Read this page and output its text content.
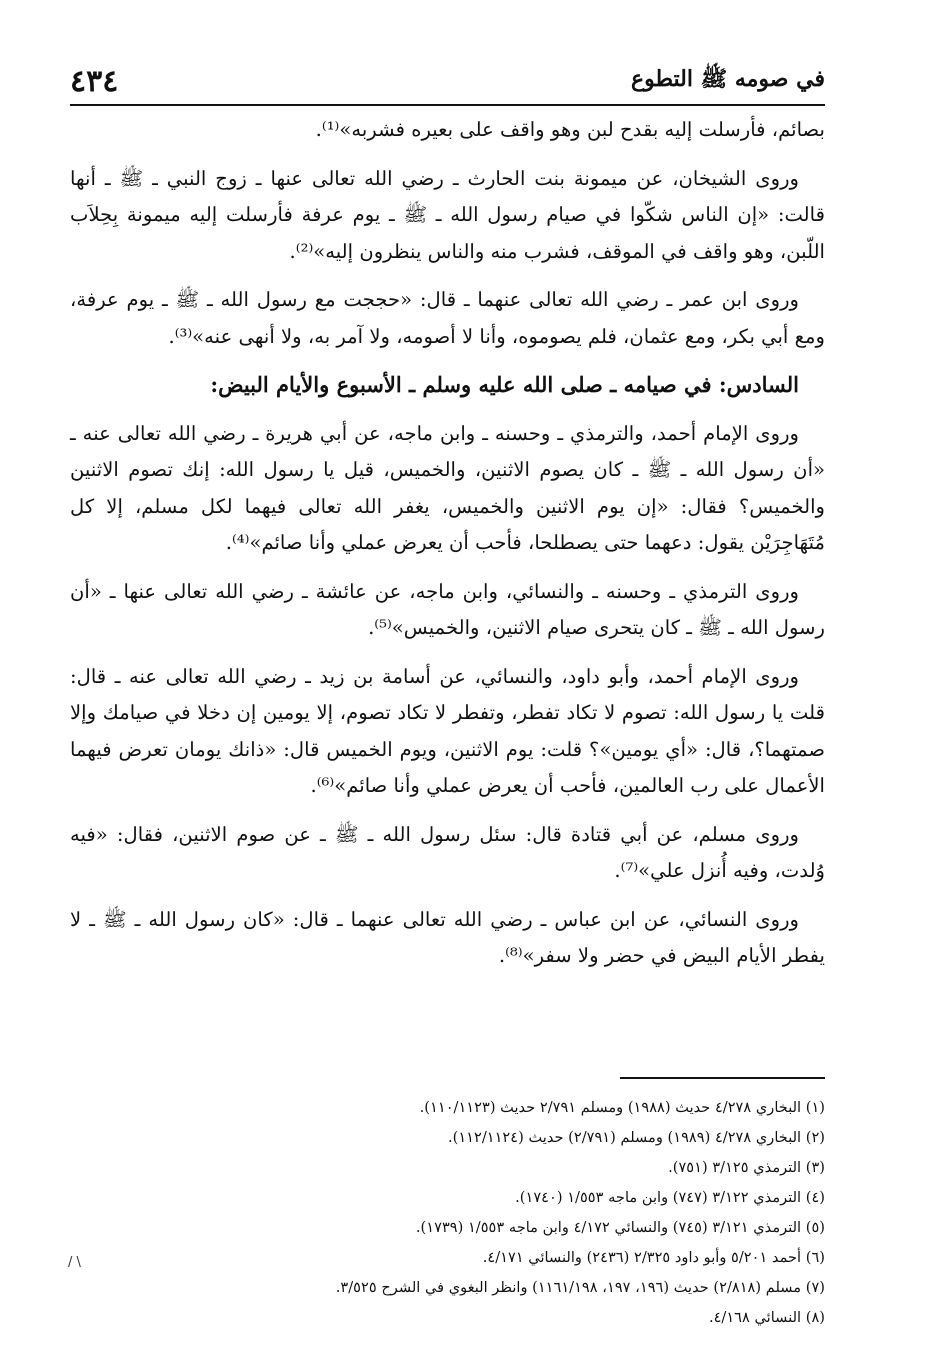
في صومه ﷺ التطوع
٤٣٤

بصائم، فأرسلت إليه بقدح لبن وهو واقف على بعيره فشربه»⁽¹⁾.

وروى الشيخان، عن ميمونة بنت الحارث ـ رضي الله تعالى عنها ـ زوج النبي ـ ﷺ ـ أنها قالت: «إن الناس شكّوا في صيام رسول الله ـ ﷺ ـ يوم عرفة فأرسلت إليه ميمونة بِحِلاَب اللّبن، وهو واقف في الموقف، فشرب منه والناس ينظرون إليه»⁽²⁾.

وروى ابن عمر ـ رضي الله تعالى عنهما ـ قال: «حججت مع رسول الله ـ ﷺ ـ يوم عرفة، ومع أبي بكر، ومع عثمان، فلم يصوموه، وأنا لا أصومه، ولا آمر به، ولا أنهى عنه»⁽³⁾.

السادس: في صيامه ـ صلى الله عليه وسلم ـ الأسبوع والأيام البيض:

وروى الإمام أحمد، والترمذي ـ وحسنه ـ وابن ماجه، عن أبي هريرة ـ رضي الله تعالى عنه ـ «أن رسول الله ـ ﷺ ـ كان يصوم الاثنين، والخميس، قيل يا رسول الله: إنك تصوم الاثنين والخميس؟ فقال: «إن يوم الاثنين والخميس، يغفر الله تعالى فيهما لكل مسلم، إلا كل مُتَهَاجِرَيْن يقول: دعهما حتى يصطلحا، فأحب أن يعرض عملي وأنا صائم»⁽⁴⁾.

وروى الترمذي ـ وحسنه ـ والنسائي، وابن ماجه، عن عائشة ـ رضي الله تعالى عنها ـ «أن رسول الله ـ ﷺ ـ كان يتحرى صيام الاثنين، والخميس»⁽⁵⁾.

وروى الإمام أحمد، وأبو داود، والنسائي، عن أسامة بن زيد ـ رضي الله تعالى عنه ـ قال: قلت يا رسول الله: تصوم لا تكاد تفطر، وتفطر لا تكاد تصوم، إلا يومين إن دخلا في صيامك وإلا صمتهما؟، قال: «أي يومين»؟ قلت: يوم الاثنين، ويوم الخميس قال: «ذانك يومان تعرض فيهما الأعمال على رب العالمين، فأحب أن يعرض عملي وأنا صائم»⁽⁶⁾.

وروى مسلم، عن أبي قتادة قال: سئل رسول الله ـ ﷺ ـ عن صوم الاثنين، فقال: «فيه وُلدت، وفيه أُنزل علي»⁽⁷⁾.

وروى النسائي، عن ابن عباس ـ رضي الله تعالى عنهما ـ قال: «كان رسول الله ـ ﷺ ـ لا يفطر الأيام البيض في حضر ولا سفر»⁽⁸⁾.

(١) البخاري ٤/٢٧٨ حديث (١٩٨٨) ومسلم ٢/٧٩١ حديث (١١٠/١١٢٣).

(٢) البخاري ٤/٢٧٨ (١٩٨٩) ومسلم (٢/٧٩١) حديث (١١٢/١١٢٤).

(٣) الترمذي ٣/١٢٥ (٧٥١).

(٤) الترمذي ٣/١٢٢ (٧٤٧) وابن ماجه ١/٥٥٣ (١٧٤٠).

(٥) الترمذي ٣/١٢١ (٧٤٥) والنسائي ٤/١٧٢ وابن ماجه ١/٥٥٣ (١٧٣٩).

(٦) أحمد ٥/٢٠١ وأبو داود ٢/٣٢٥ (٢٤٣٦) والنسائي ٤/١٧١.

(٧) مسلم (٢/٨١٨) حديث (١٩٦، ١٩٧، ١١٦١/١٩٨) وانظر البغوي في الشرح ٣/٥٢٥.

(٨) النسائي ٤/١٦٨.

\ /
